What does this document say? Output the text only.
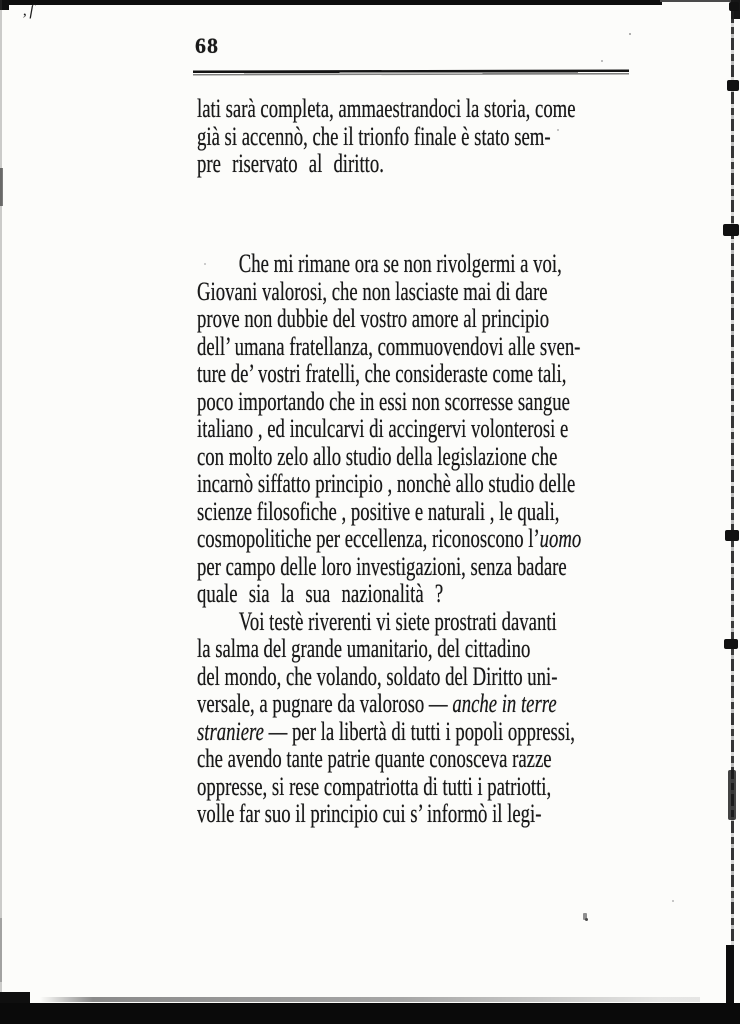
‚ſ
68
lati sarà completa, ammaestrandoci la storia, come
già si accennò, che il trionfo finale è stato sem-
pre riservato al diritto.
Che mi rimane ora se non rivolgermi a voi,
Giovani valorosi, che non lasciaste mai di dare
prove non dubbie del vostro amore al principio
dell’ umana fratellanza, commuovendovi alle sven-
ture de’ vostri fratelli, che consideraste come tali,
poco importando che in essi non scorresse sangue
italiano , ed inculcarvi di accingervi volonterosi e
con molto zelo allo studio della legislazione che
incarnò siffatto principio , nonchè allo studio delle
scienze filosofiche , positive e naturali , le quali,
cosmopolitiche per eccellenza, riconoscono l’uomo
per campo delle loro investigazioni, senza badare
quale sia la sua nazionalità ?
Voi testè riverenti vi siete prostrati davanti
la salma del grande umanitario, del cittadino
del mondo, che volando, soldato del Diritto uni-
versale, a pugnare da valoroso — anche in terre
straniere — per la libertà di tutti i popoli oppressi,
che avendo tante patrie quante conosceva razze
oppresse, si rese compatriotta di tutti i patriotti,
volle far suo il principio cui s’ informò il legi-
